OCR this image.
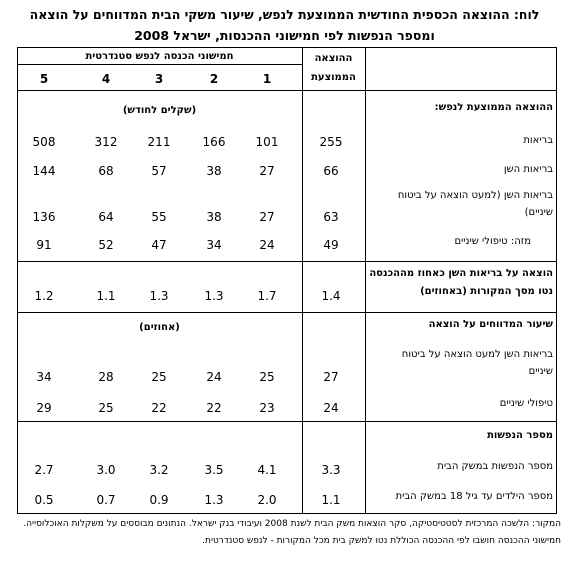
לוח: ההוצאה הכספית החודשית הממוצעת לנפש, שיעור משקי הבית המדווחים על הוצאה
ומספר הנפשות לפי חמישוני ההכנסות, ישראל 2008
חמישוני הכנסה לנפש סטנדרטית	ההוצאה
הממוצעת
1
2
3
4
5
(שקלים לחודש)
(אחוזים)
ההוצאה הממוצעת לנפש:
בריאות
255
101
166
211
312
508
בריאות השן
66
27
38
57
68
144
בריאות השן (למעט הוצאה על ביטוח
שיניים)
63
27
38
55
64
136
מזה: טיפולי שיניים
49
24
34
47
52
91
הוצאה על בריאות השן כאחוז מההכנסה
נטו מסך המקורות (באחוזים)
1.4
1.7
1.3
1.3
1.1
1.2
שיעור המדווחים על הוצאה
בריאות השן למעט הוצאה על ביטוח
שיניים
27
25
24
25
28
34
טיפולי שיניים
24
23
22
22
25
29
מספר הנפשות
מספר הנפשות במשק הבית
3.3
4.1
3.5
3.2
3.0
2.7
מספר הילדים עד גיל 18 במשק הבית
1.1
2.0
1.3
0.9
0.7
0.5
המקור: הלשכה המרכזית לסטטיסטיקה, סקר הוצאות משק הבית לשנת 2008 ועיבודי בנק ישראל. הנתונים מבוססים על משקלות האוכלוסייה. חמישוני ההכנסה חושבו לפי ההכנסה הכוללת נטו למשק בית מכל המקורות - לנפש סטנדרטית.
